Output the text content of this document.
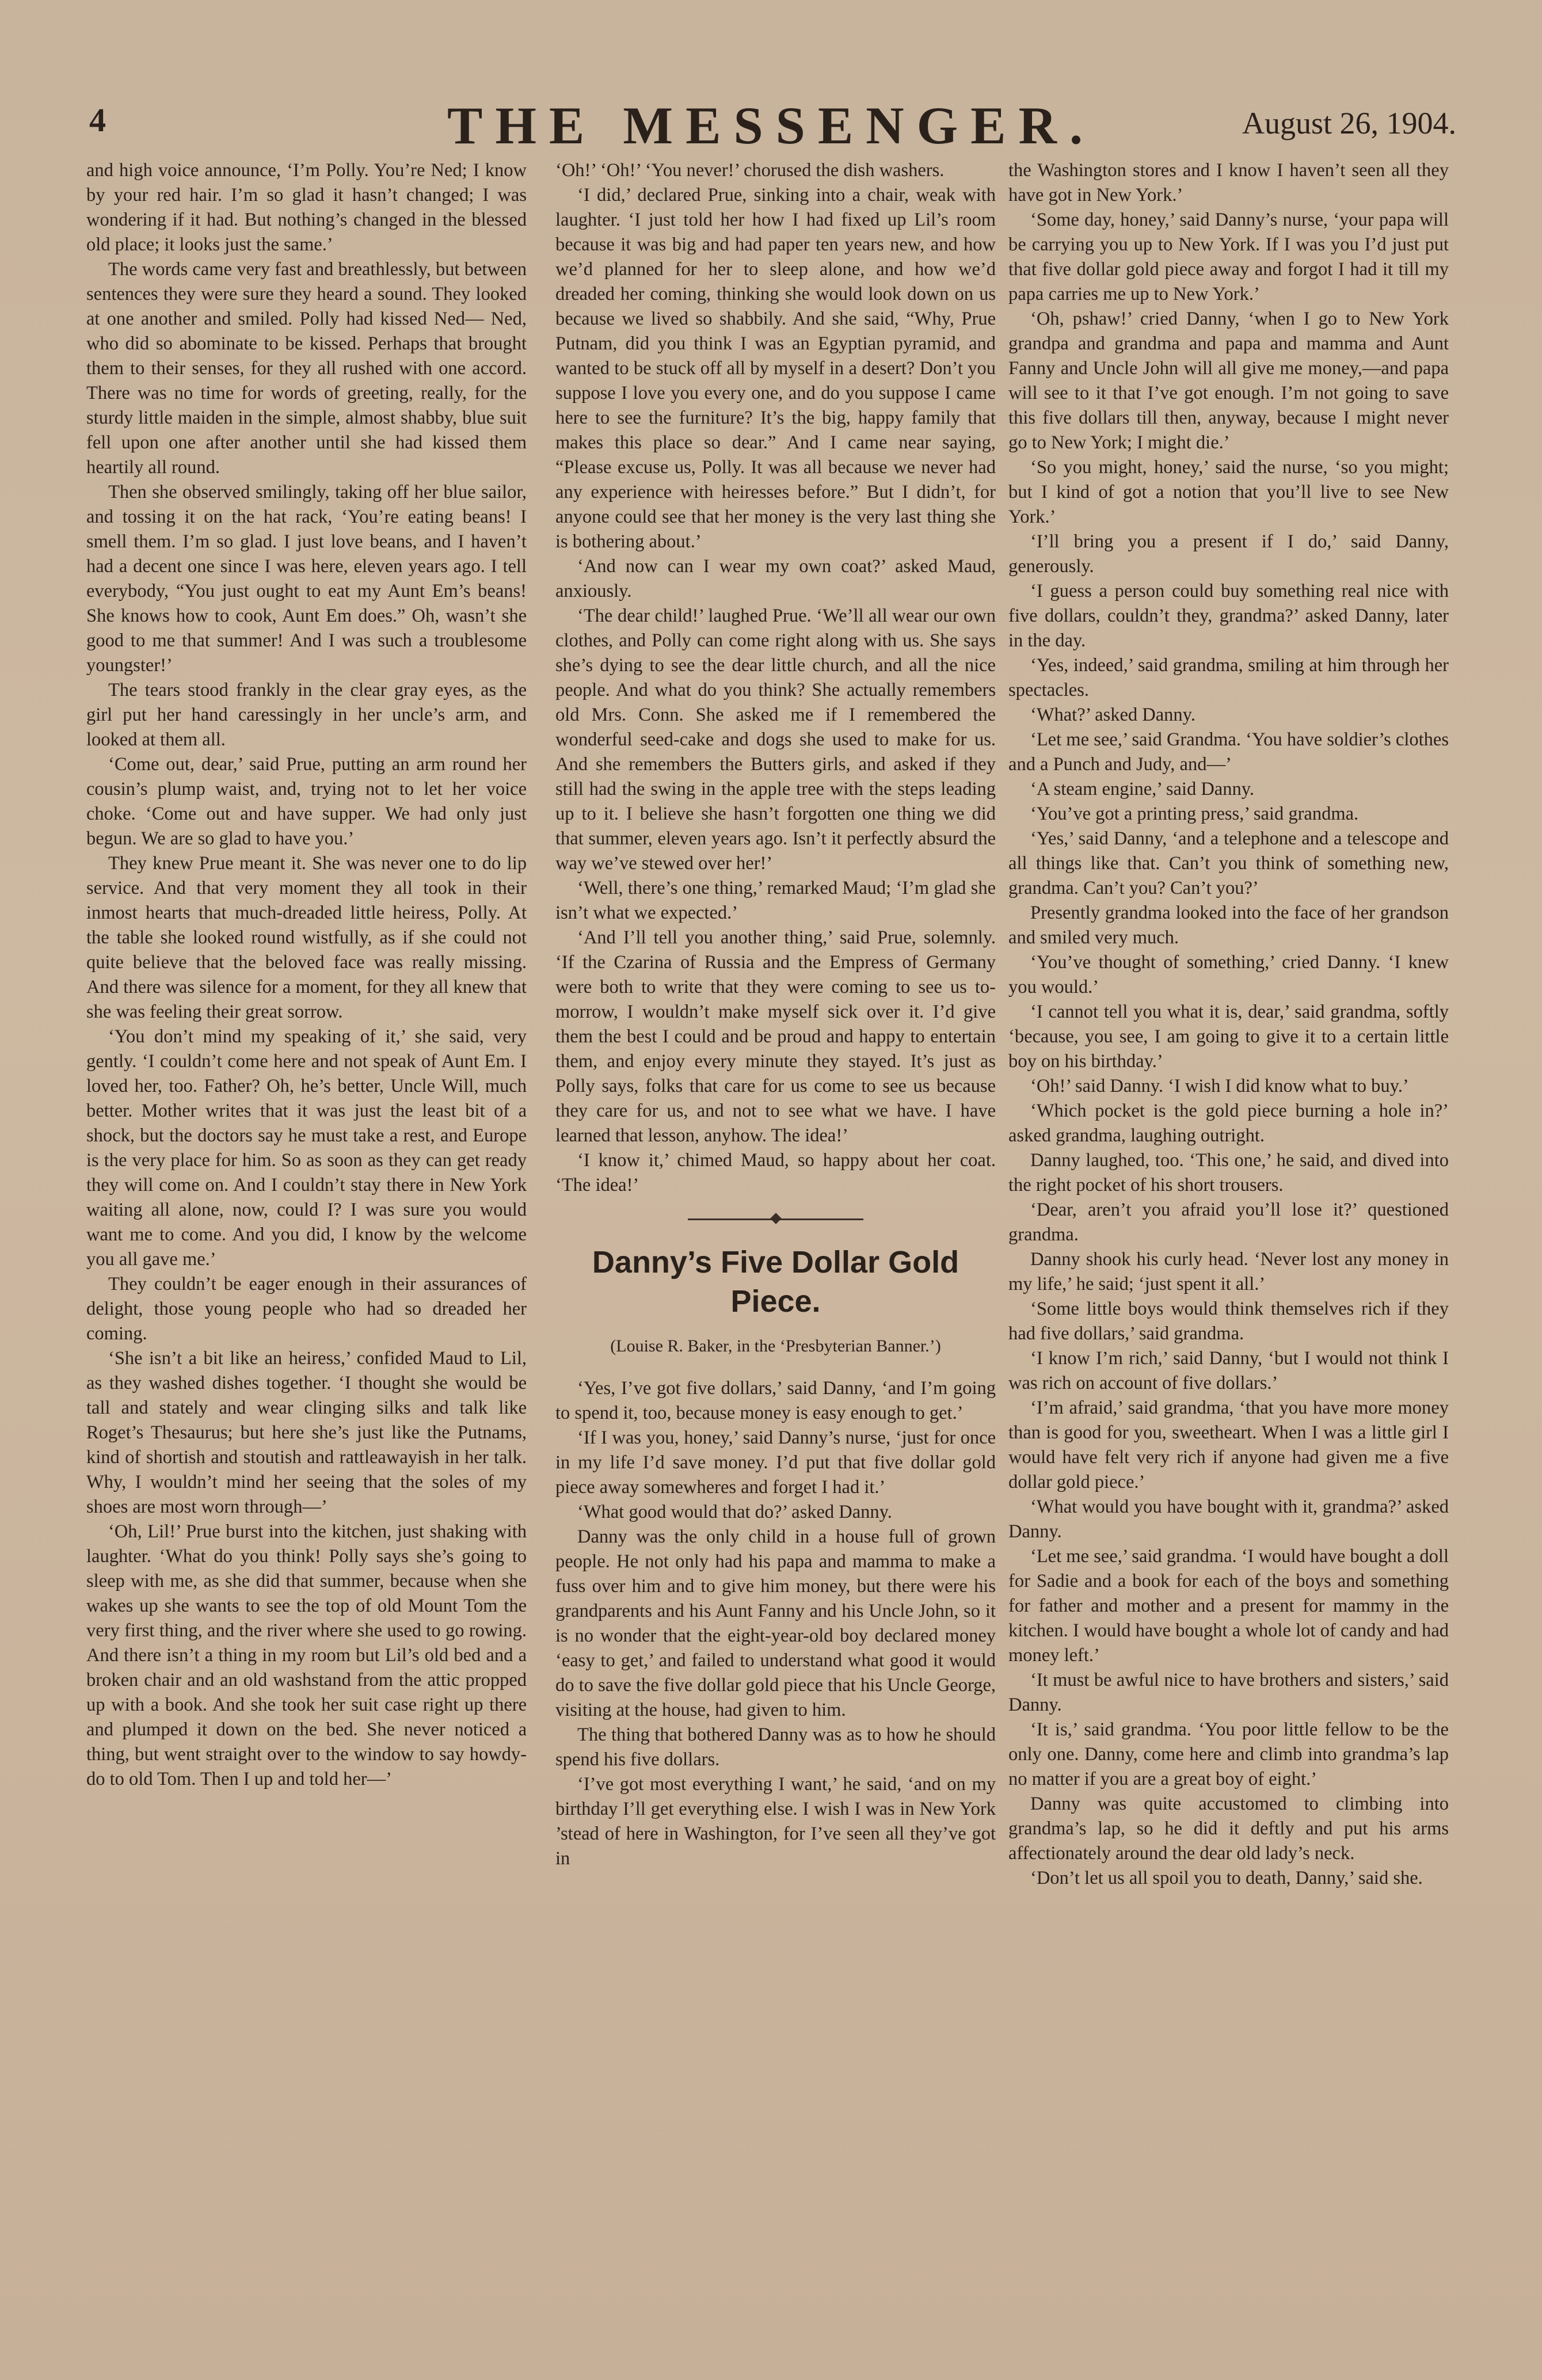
4	THE MESSENGER.	August 26, 1904.

and high voice announce, ‘I’m Polly. You’re Ned; I know by your red hair. I’m so glad it hasn’t changed; I was wondering if it had. But nothing’s changed in the blessed old place; it looks just the same.’

The words came very fast and breathlessly, but between sentences they were sure they heard a sound. They looked at one another and smiled. Polly had kissed Ned— Ned, who did so abominate to be kissed. Perhaps that brought them to their senses, for they all rushed with one accord. There was no time for words of greeting, really, for the sturdy little maiden in the simple, almost shabby, blue suit fell upon one after another until she had kissed them heartily all round.

Then she observed smilingly, taking off her blue sailor, and tossing it on the hat rack, ‘You’re eating beans! I smell them. I’m so glad. I just love beans, and I haven’t had a decent one since I was here, eleven years ago. I tell everybody, “You just ought to eat my Aunt Em’s beans! She knows how to cook, Aunt Em does.” Oh, wasn’t she good to me that summer! And I was such a troublesome youngster!’

The tears stood frankly in the clear gray eyes, as the girl put her hand caressingly in her uncle’s arm, and looked at them all.

‘Come out, dear,’ said Prue, putting an arm round her cousin’s plump waist, and, trying not to let her voice choke. ‘Come out and have supper. We had only just begun. We are so glad to have you.’

They knew Prue meant it. She was never one to do lip service. And that very moment they all took in their inmost hearts that much-dreaded little heiress, Polly. At the table she looked round wistfully, as if she could not quite believe that the beloved face was really missing. And there was silence for a moment, for they all knew that she was feeling their great sorrow.

‘You don’t mind my speaking of it,’ she said, very gently. ‘I couldn’t come here and not speak of Aunt Em. I loved her, too. Father? Oh, he’s better, Uncle Will, much better. Mother writes that it was just the least bit of a shock, but the doctors say he must take a rest, and Europe is the very place for him. So as soon as they can get ready they will come on. And I couldn’t stay there in New York waiting all alone, now, could I? I was sure you would want me to come. And you did, I know by the welcome you all gave me.’

They couldn’t be eager enough in their assurances of delight, those young people who had so dreaded her coming.

‘She isn’t a bit like an heiress,’ confided Maud to Lil, as they washed dishes together. ‘I thought she would be tall and stately and wear clinging silks and talk like Roget’s Thesaurus; but here she’s just like the Putnams, kind of shortish and stoutish and rattleawayish in her talk. Why, I wouldn’t mind her seeing that the soles of my shoes are most worn through—’

‘Oh, Lil!’ Prue burst into the kitchen, just shaking with laughter. ‘What do you think! Polly says she’s going to sleep with me, as she did that summer, because when she wakes up she wants to see the top of old Mount Tom the very first thing, and the river where she used to go rowing. And there isn’t a thing in my room but Lil’s old bed and a broken chair and an old washstand from the attic propped up with a book. And she took her suit case right up there and plumped it down on the bed. She never noticed a thing, but went straight over to the window to say howdy-do to old Tom. Then I up and told her—’

‘Oh!’ ‘Oh!’ ‘You never!’ chorused the dish washers.

‘I did,’ declared Prue, sinking into a chair, weak with laughter. ‘I just told her how I had fixed up Lil’s room because it was big and had paper ten years new, and how we’d planned for her to sleep alone, and how we’d dreaded her coming, thinking she would look down on us because we lived so shabbily. And she said, “Why, Prue Putnam, did you think I was an Egyptian pyramid, and wanted to be stuck off all by myself in a desert? Don’t you suppose I love you every one, and do you suppose I came here to see the furniture? It’s the big, happy family that makes this place so dear.” And I came near saying, “Please excuse us, Polly. It was all because we never had any experience with heiresses before.” But I didn’t, for anyone could see that her money is the very last thing she is bothering about.’

‘And now can I wear my own coat?’ asked Maud, anxiously.

‘The dear child!’ laughed Prue. ‘We’ll all wear our own clothes, and Polly can come right along with us. She says she’s dying to see the dear little church, and all the nice people. And what do you think? She actually remembers old Mrs. Conn. She asked me if I remembered the wonderful seed-cake and dogs she used to make for us. And she remembers the Butters girls, and asked if they still had the swing in the apple tree with the steps leading up to it. I believe she hasn’t forgotten one thing we did that summer, eleven years ago. Isn’t it perfectly absurd the way we’ve stewed over her!’

‘Well, there’s one thing,’ remarked Maud; ‘I’m glad she isn’t what we expected.’

‘And I’ll tell you another thing,’ said Prue, solemnly. ‘If the Czarina of Russia and the Empress of Germany were both to write that they were coming to see us to-morrow, I wouldn’t make myself sick over it. I’d give them the best I could and be proud and happy to entertain them, and enjoy every minute they stayed. It’s just as Polly says, folks that care for us come to see us because they care for us, and not to see what we have. I have learned that lesson, anyhow. The idea!’

‘I know it,’ chimed Maud, so happy about her coat. ‘The idea!’

Danny’s Five Dollar Gold Piece.
(Louise R. Baker, in the ‘Presbyterian Banner.’)

‘Yes, I’ve got five dollars,’ said Danny, ‘and I’m going to spend it, too, because money is easy enough to get.’

‘If I was you, honey,’ said Danny’s nurse, ‘just for once in my life I’d save money. I’d put that five dollar gold piece away somewheres and forget I had it.’

‘What good would that do?’ asked Danny.

Danny was the only child in a house full of grown people. He not only had his papa and mamma to make a fuss over him and to give him money, but there were his grandparents and his Aunt Fanny and his Uncle John, so it is no wonder that the eight-year-old boy declared money ‘easy to get,’ and failed to understand what good it would do to save the five dollar gold piece that his Uncle George, visiting at the house, had given to him.

The thing that bothered Danny was as to how he should spend his five dollars.

‘I’ve got most everything I want,’ he said, ‘and on my birthday I’ll get everything else. I wish I was in New York ’stead of here in Washington, for I’ve seen all they’ve got in

the Washington stores and I know I haven’t seen all they have got in New York.’

‘Some day, honey,’ said Danny’s nurse, ‘your papa will be carrying you up to New York. If I was you I’d just put that five dollar gold piece away and forgot I had it till my papa carries me up to New York.’

‘Oh, pshaw!’ cried Danny, ‘when I go to New York grandpa and grandma and papa and mamma and Aunt Fanny and Uncle John will all give me money,—and papa will see to it that I’ve got enough. I’m not going to save this five dollars till then, anyway, because I might never go to New York; I might die.’

‘So you might, honey,’ said the nurse, ‘so you might; but I kind of got a notion that you’ll live to see New York.’

‘I’ll bring you a present if I do,’ said Danny, generously.

‘I guess a person could buy something real nice with five dollars, couldn’t they, grandma?’ asked Danny, later in the day.

‘Yes, indeed,’ said grandma, smiling at him through her spectacles.

‘What?’ asked Danny.

‘Let me see,’ said Grandma. ‘You have soldier’s clothes and a Punch and Judy, and—’

‘A steam engine,’ said Danny.

‘You’ve got a printing press,’ said grandma.

‘Yes,’ said Danny, ‘and a telephone and a telescope and all things like that. Can’t you think of something new, grandma. Can’t you? Can’t you?’

Presently grandma looked into the face of her grandson and smiled very much.

‘You’ve thought of something,’ cried Danny. ‘I knew you would.’

‘I cannot tell you what it is, dear,’ said grandma, softly ‘because, you see, I am going to give it to a certain little boy on his birthday.’

‘Oh!’ said Danny. ‘I wish I did know what to buy.’

‘Which pocket is the gold piece burning a hole in?’ asked grandma, laughing outright.

Danny laughed, too. ‘This one,’ he said, and dived into the right pocket of his short trousers.

‘Dear, aren’t you afraid you’ll lose it?’ questioned grandma.

Danny shook his curly head. ‘Never lost any money in my life,’ he said; ‘just spent it all.’

‘Some little boys would think themselves rich if they had five dollars,’ said grandma.

‘I know I’m rich,’ said Danny, ‘but I would not think I was rich on account of five dollars.’

‘I’m afraid,’ said grandma, ‘that you have more money than is good for you, sweetheart. When I was a little girl I would have felt very rich if anyone had given me a five dollar gold piece.’

‘What would you have bought with it, grandma?’ asked Danny.

‘Let me see,’ said grandma. ‘I would have bought a doll for Sadie and a book for each of the boys and something for father and mother and a present for mammy in the kitchen. I would have bought a whole lot of candy and had money left.’

‘It must be awful nice to have brothers and sisters,’ said Danny.

‘It is,’ said grandma. ‘You poor little fellow to be the only one. Danny, come here and climb into grandma’s lap no matter if you are a great boy of eight.’

Danny was quite accustomed to climbing into grandma’s lap, so he did it deftly and put his arms affectionately around the dear old lady’s neck.

‘Don’t let us all spoil you to death, Danny,’ said she.
